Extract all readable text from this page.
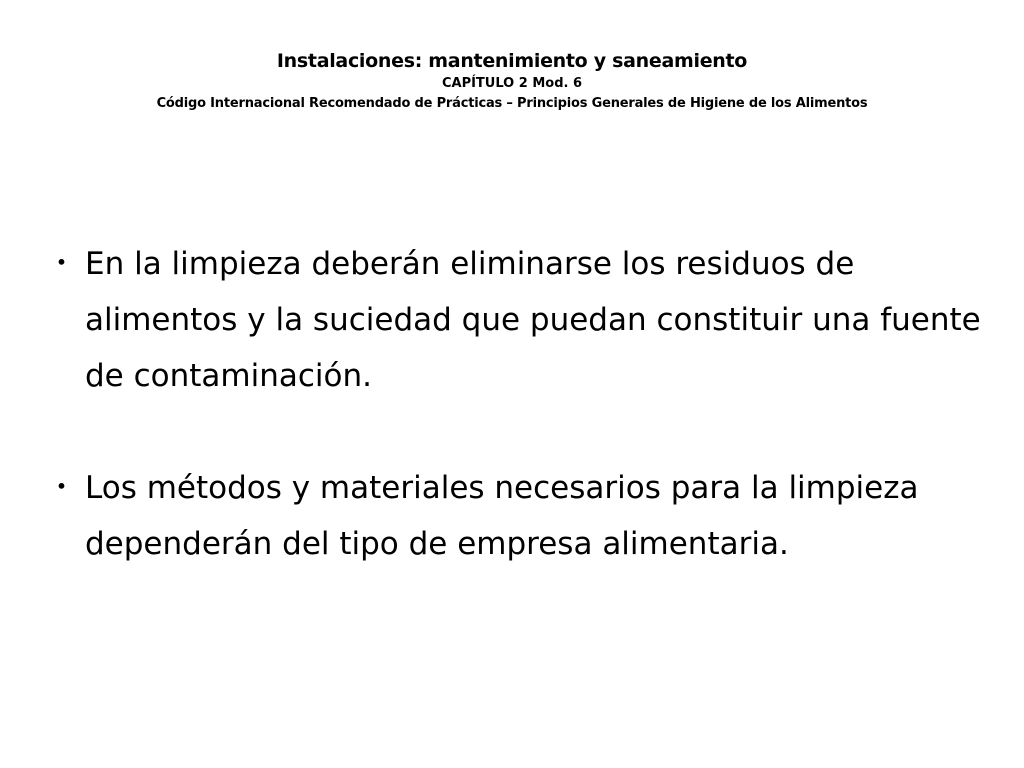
Instalaciones: mantenimiento y saneamiento
CAPÍTULO 2 Mod. 6
Código Internacional Recomendado de Prácticas – Principios Generales de Higiene de los Alimentos
・ En la limpieza deberán eliminarse los residuos de alimentos y la suciedad que puedan constituir una fuente de contaminación.
・ Los métodos y materiales necesarios para la limpieza dependerán del tipo de empresa alimentaria.
